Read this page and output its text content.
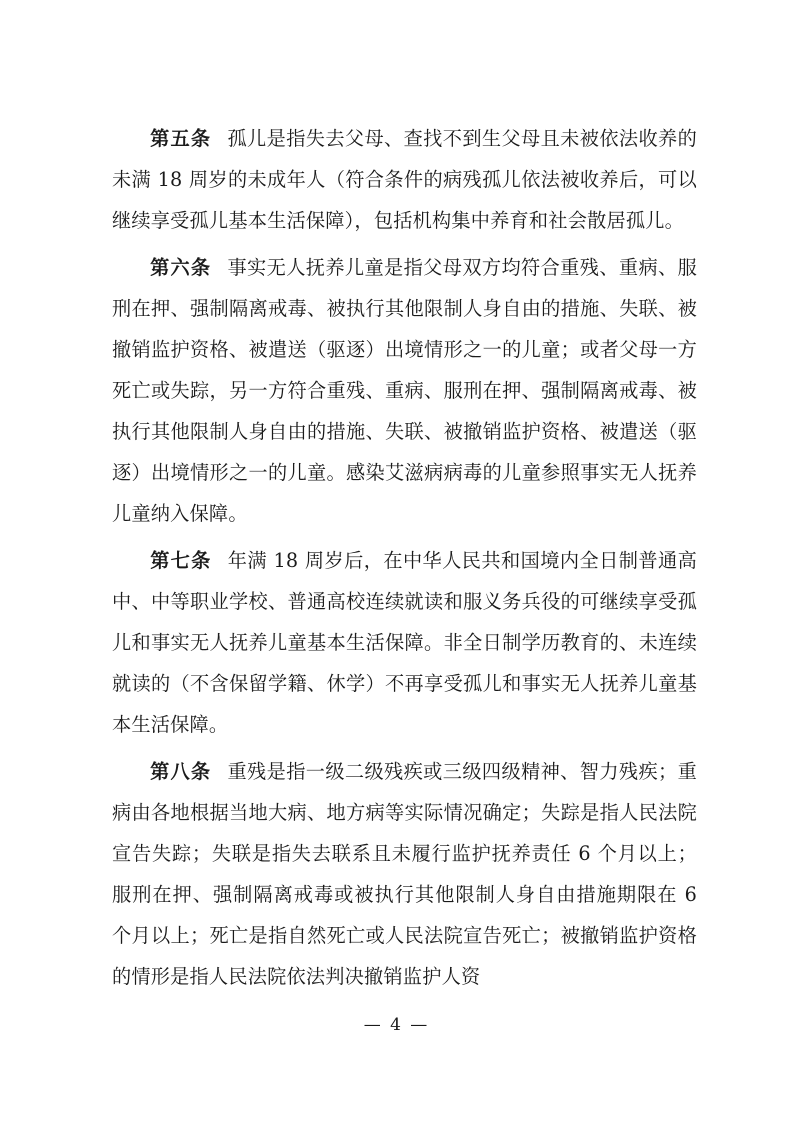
第五条 孤儿是指失去父母、查找不到生父母且未被依法收养的未满 18 周岁的未成年人（符合条件的病残孤儿依法被收养后，可以继续享受孤儿基本生活保障），包括机构集中养育和社会散居孤儿。

第六条 事实无人抚养儿童是指父母双方均符合重残、重病、服刑在押、强制隔离戒毒、被执行其他限制人身自由的措施、失联、被撤销监护资格、被遣送（驱逐）出境情形之一的儿童；或者父母一方死亡或失踪，另一方符合重残、重病、服刑在押、强制隔离戒毒、被执行其他限制人身自由的措施、失联、被撤销监护资格、被遣送（驱逐）出境情形之一的儿童。感染艾滋病病毒的儿童参照事实无人抚养儿童纳入保障。

第七条 年满 18 周岁后，在中华人民共和国境内全日制普通高中、中等职业学校、普通高校连续就读和服义务兵役的可继续享受孤儿和事实无人抚养儿童基本生活保障。非全日制学历教育的、未连续就读的（不含保留学籍、休学）不再享受孤儿和事实无人抚养儿童基本生活保障。

第八条 重残是指一级二级残疾或三级四级精神、智力残疾；重病由各地根据当地大病、地方病等实际情况确定；失踪是指人民法院宣告失踪；失联是指失去联系且未履行监护抚养责任 6 个月以上；服刑在押、强制隔离戒毒或被执行其他限制人身自由措施期限在 6 个月以上；死亡是指自然死亡或人民法院宣告死亡；被撤销监护资格的情形是指人民法院依法判决撤销监护人资

— 4 —
